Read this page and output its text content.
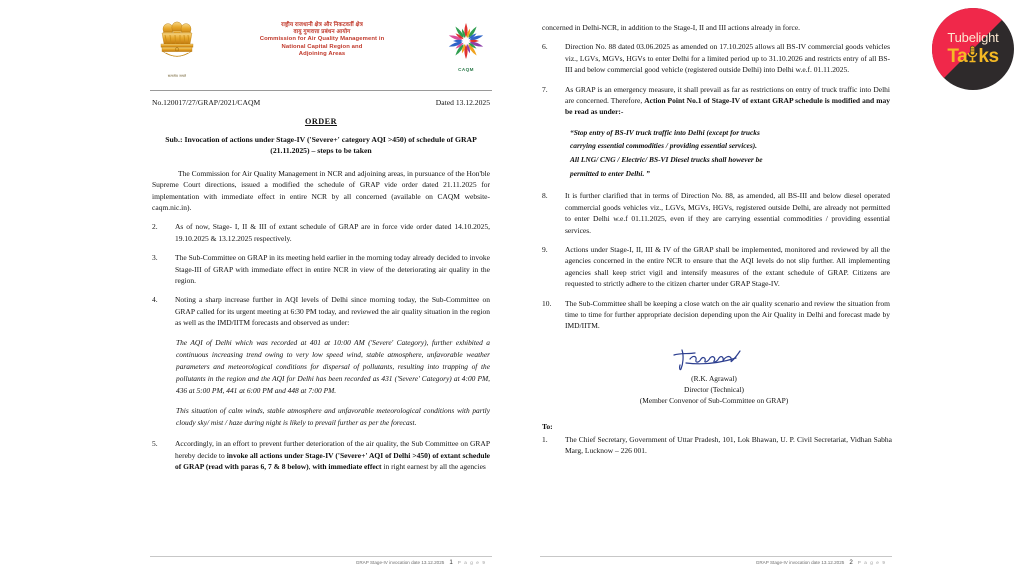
सत्यमेव जयते
राष्ट्रीय राजधानी क्षेत्र और निकटवर्ती क्षेत्र
वायु गुणवत्ता प्रबंधन आयोग
Commission for Air Quality Management in
National Capital Region and
Adjoining Areas
CAQM
No.120017/27/GRAP/2021/CAQM	Dated 13.12.2025
ORDER
Sub.: Invocation of actions under Stage-IV ('Severe+' category AQI >450) of schedule of GRAP (21.11.2025) – steps to be taken
The Commission for Air Quality Management in NCR and adjoining areas, in pursuance of the Hon'ble Supreme Court directions, issued a modified the schedule of GRAP vide order dated 21.11.2025 for implementation with immediate effect in entire NCR by all concerned (available on CAQM website- caqm.nic.in).
2. As of now, Stage- I, II & III of extant schedule of GRAP are in force vide order dated 14.10.2025, 19.10.2025 & 13.12.2025 respectively.
3. The Sub-Committee on GRAP in its meeting held earlier in the morning today already decided to invoke Stage-III of GRAP with immediate effect in entire NCR in view of the deteriorating air quality in the region.
4. Noting a sharp increase further in AQI levels of Delhi since morning today, the Sub-Committee on GRAP called for its urgent meeting at 6:30 PM today, and reviewed the air quality situation in the region as well as the IMD/IITM forecasts and observed as under:
The AQI of Delhi which was recorded at 401 at 10:00 AM ('Severe' Category), further exhibited a continuous increasing trend owing to very low speed wind, stable atmosphere, unfavorable weather parameters and meteorological conditions for dispersal of pollutants, resulting into trapping of the pollutants in the region and the AQI for Delhi has been recorded as 431 ('Severe' Category) at 4:00 PM, 436 at 5:00 PM, 441 at 6:00 PM and 448 at 7:00 PM.
This situation of calm winds, stable atmosphere and unfavorable meteorological conditions with partly cloudy sky/ mist / haze during night is likely to prevail further as per the forecast.
5. Accordingly, in an effort to prevent further deterioration of the air quality, the Sub Committee on GRAP hereby decide to invoke all actions under Stage-IV ('Severe+' AQI of Delhi >450) of extant schedule of GRAP (read with paras 6, 7 & 8 below), with immediate effect in right earnest by all the agencies
GRAP Stage-IV invocation date 13.12.2025 1 P a g e 9
concerned in Delhi-NCR, in addition to the Stage-I, II and III actions already in force.
6. Direction No. 88 dated 03.06.2025 as amended on 17.10.2025 allows all BS-IV commercial goods vehicles viz., LGVs, MGVs, HGVs to enter Delhi for a limited period up to 31.10.2026 and restricts entry of all BS-III and below commercial good vehicle (registered outside Delhi) into Delhi w.e.f. 01.11.2025.
7. As GRAP is an emergency measure, it shall prevail as far as restrictions on entry of truck traffic into Delhi are concerned. Therefore, Action Point No.1 of Stage-IV of extant GRAP schedule is modified and may be read as under:-
“Stop entry of BS-IV truck traffic into Delhi (except for trucks
carrying essential commodities / providing essential services).
All LNG/ CNG / Electric/ BS-VI Diesel trucks shall however be
permitted to enter Delhi. ”
8. It is further clarified that in terms of Direction No. 88, as amended, all BS-III and below diesel operated commercial goods vehicles viz., LGVs, MGVs, HGVs, registered outside Delhi, are already not permitted to enter Delhi w.e.f 01.11.2025, even if they are carrying essential commodities / providing essential services.
9. Actions under Stage-I, II, III & IV of the GRAP shall be implemented, monitored and reviewed by all the agencies concerned in the entire NCR to ensure that the AQI levels do not slip further. All implementing agencies shall keep strict vigil and intensify measures of the extant schedule of GRAP. Citizens are requested to strictly adhere to the citizen charter under GRAP Stage-IV.
10. The Sub-Committee shall be keeping a close watch on the air quality scenario and review the situation from time to time for further appropriate decision depending upon the Air Quality in Delhi and forecast made by IMD/IITM.
(R.K. Agrawal)
Director (Technical)
(Member Convenor of Sub-Committee on GRAP)
To:
1. The Chief Secretary, Government of Uttar Pradesh, 101, Lok Bhawan, U. P. Civil Secretariat, Vidhan Sabha Marg, Lucknow – 226 001.
GRAP Stage-IV invocation date 13.12.2025 2 P a g e 9
Tubelight
Ta ks
